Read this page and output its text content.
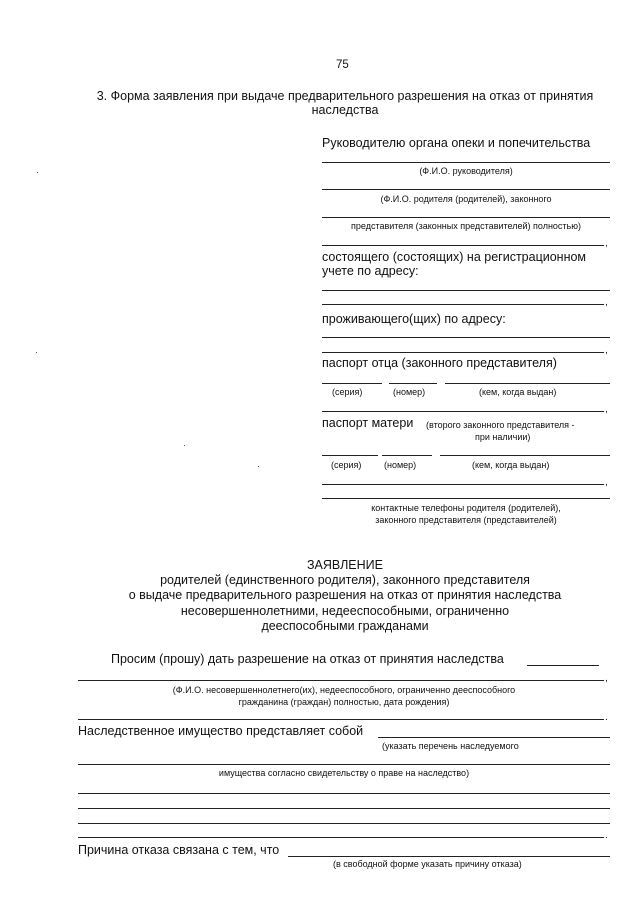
75
3. Форма заявления при выдаче предварительного разрешения на отказ от принятия
наследства
Руководителю органа опеки и попечительства
(Ф.И.О. руководителя)
(Ф.И.О. родителя (родителей), законного
представителя (законных представителей) полностью)
,
состоящего (состоящих) на регистрационном
учете по адресу:
,
проживающего(щих) по адресу:
,
паспорт отца (законного представителя)
(серия)	(номер)	(кем, когда выдан)
,
паспорт матери (второго законного представителя -
при наличии)
(серия)	(номер)	(кем, когда выдан)
,
контактные телефоны родителя (родителей),
законного представителя (представителей)
ЗАЯВЛЕНИЕ
родителей (единственного родителя), законного представителя
о выдаче предварительного разрешения на отказ от принятия наследства
несовершеннолетними, недееспособными, ограниченно
дееспособными гражданами
Просим (прошу) дать разрешение на отказ от принятия наследства
,
(Ф.И.О. несовершеннолетнего(их), недееспособного, ограниченно дееспособного
гражданина (граждан) полностью, дата рождения)
.
Наследственное имущество представляет собой
(указать перечень наследуемого
имущества согласно свидетельству о праве на наследство)
.
Причина отказа связана с тем, что
(в свободной форме указать причину отказа)
